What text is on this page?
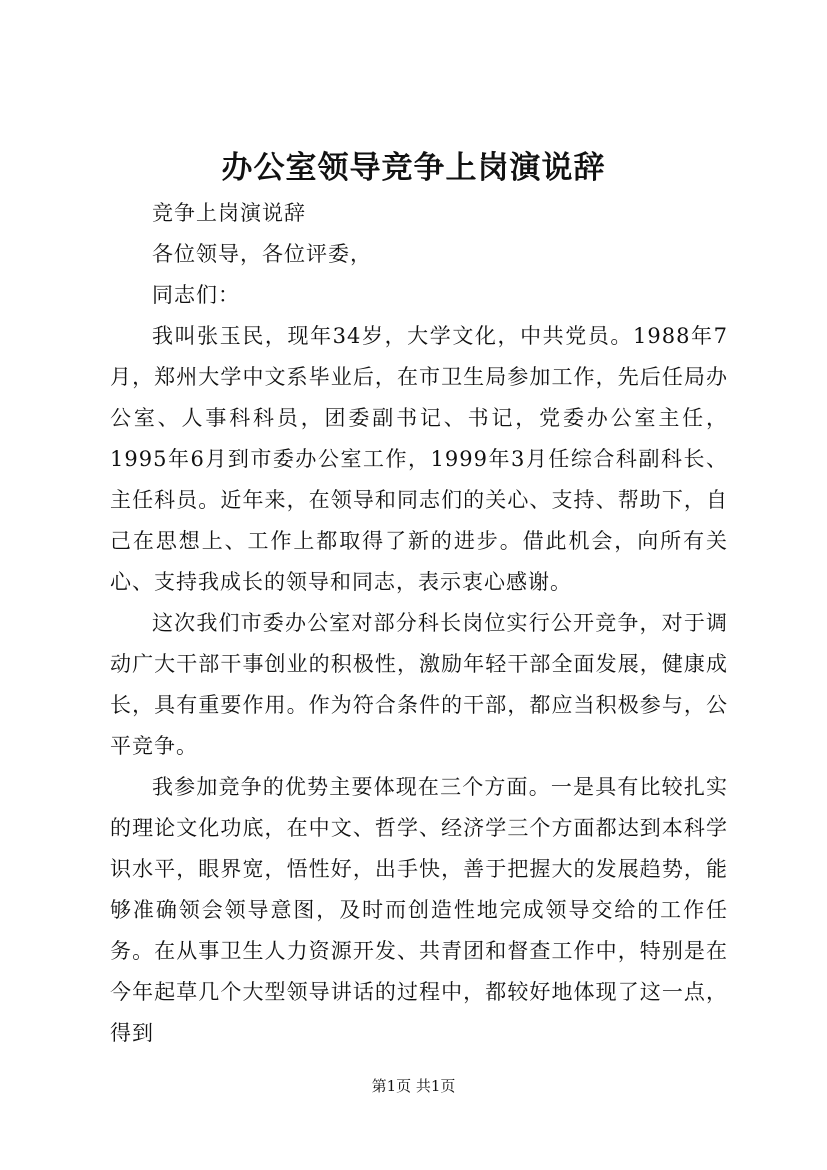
办公室领导竞争上岗演说辞

竞争上岗演说辞

各位领导，各位评委，

同志们：

我叫张玉民，现年34岁，大学文化，中共党员。1988年7月，郑州大学中文系毕业后，在市卫生局参加工作，先后任局办公室、人事科科员，团委副书记、书记，党委办公室主任，1995年6月到市委办公室工作，1999年3月任综合科副科长、主任科员。近年来，在领导和同志们的关心、支持、帮助下，自己在思想上、工作上都取得了新的进步。借此机会，向所有关心、支持我成长的领导和同志，表示衷心感谢。

这次我们市委办公室对部分科长岗位实行公开竞争，对于调动广大干部干事创业的积极性，激励年轻干部全面发展，健康成长，具有重要作用。作为符合条件的干部，都应当积极参与，公平竞争。

我参加竞争的优势主要体现在三个方面。一是具有比较扎实的理论文化功底，在中文、哲学、经济学三个方面都达到本科学识水平，眼界宽，悟性好，出手快，善于把握大的发展趋势，能够准确领会领导意图，及时而创造性地完成领导交给的工作任务。在从事卫生人力资源开发、共青团和督查工作中，特别是在今年起草几个大型领导讲话的过程中，都较好地体现了这一点，得到

第1页 共1页
